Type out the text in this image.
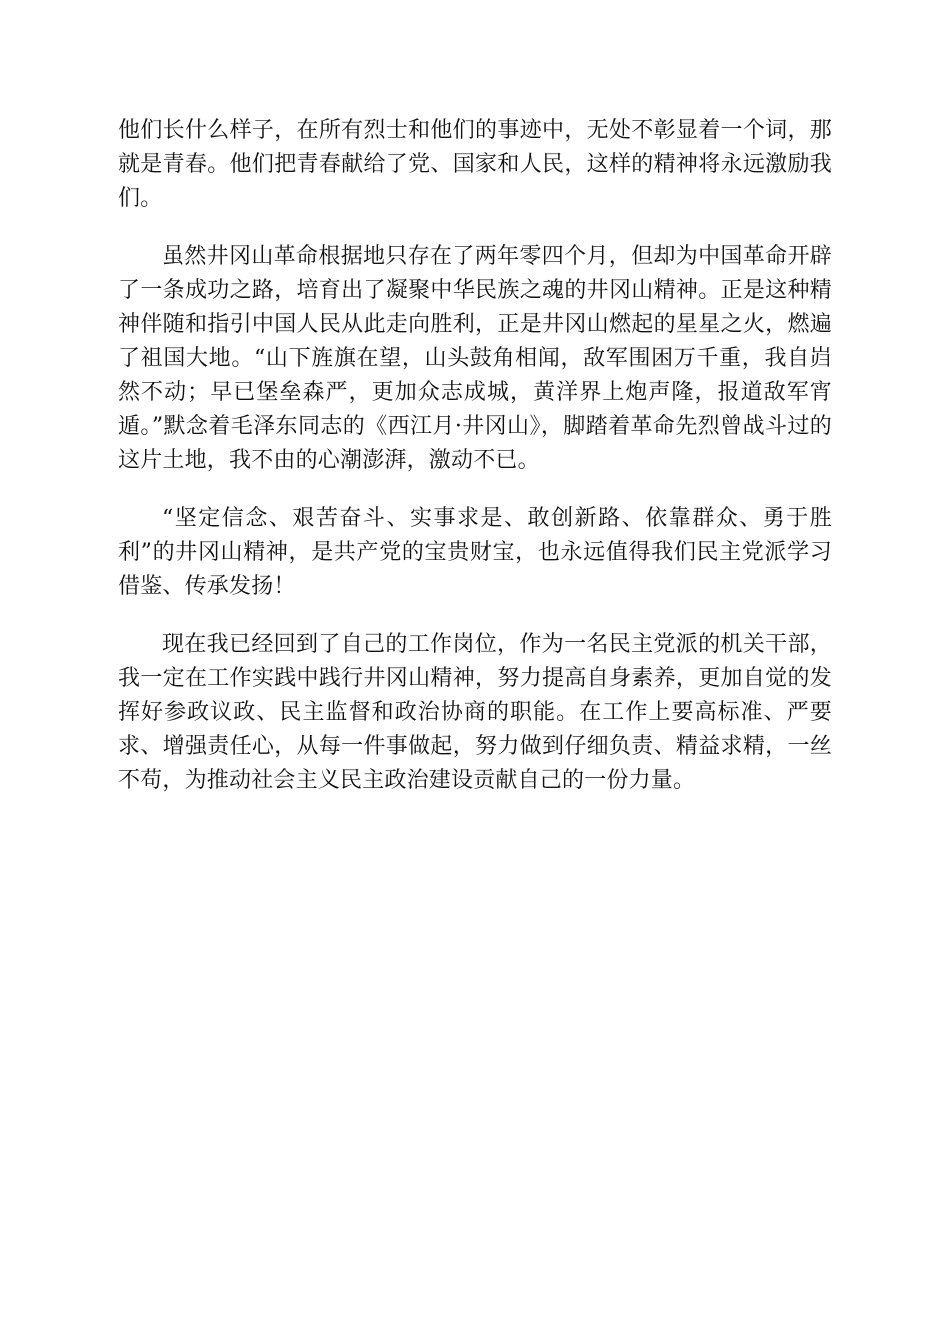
他们长什么样子，在所有烈士和他们的事迹中，无处不彰显着一个词，那就是青春。他们把青春献给了党、国家和人民，这样的精神将永远激励我们。

虽然井冈山革命根据地只存在了两年零四个月，但却为中国革命开辟了一条成功之路，培育出了凝聚中华民族之魂的井冈山精神。正是这种精神伴随和指引中国人民从此走向胜利，正是井冈山燃起的星星之火，燃遍了祖国大地。“山下旌旗在望，山头鼓角相闻，敌军围困万千重，我自岿然不动；早已堡垒森严，更加众志成城，黄洋界上炮声隆，报道敌军宵遁。”默念着毛泽东同志的《西江月·井冈山》，脚踏着革命先烈曾战斗过的这片土地，我不由的心潮澎湃，激动不已。

“坚定信念、艰苦奋斗、实事求是、敢创新路、依靠群众、勇于胜利”的井冈山精神，是共产党的宝贵财宝，也永远值得我们民主党派学习借鉴、传承发扬！

现在我已经回到了自己的工作岗位，作为一名民主党派的机关干部，我一定在工作实践中践行井冈山精神，努力提高自身素养，更加自觉的发挥好参政议政、民主监督和政治协商的职能。在工作上要高标准、严要求、增强责任心，从每一件事做起，努力做到仔细负责、精益求精，一丝不苟，为推动社会主义民主政治建设贡献自己的一份力量。
